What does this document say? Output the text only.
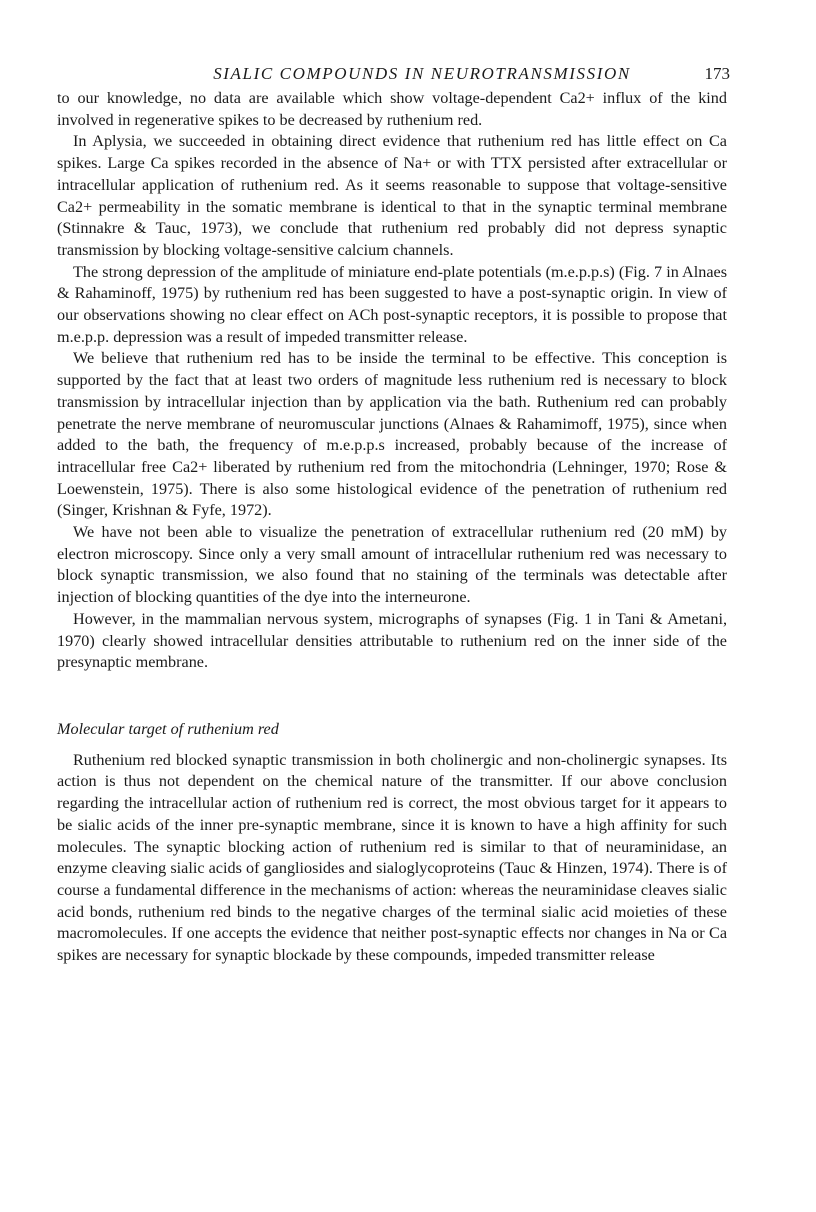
SIALIC COMPOUNDS IN NEUROTRANSMISSION	173

to our knowledge, no data are available which show voltage-dependent Ca2+ influx of the kind involved in regenerative spikes to be decreased by ruthenium red.

In Aplysia, we succeeded in obtaining direct evidence that ruthenium red has little effect on Ca spikes. Large Ca spikes recorded in the absence of Na+ or with TTX persisted after extracellular or intracellular application of ruthenium red. As it seems reasonable to suppose that voltage-sensitive Ca2+ permeability in the somatic membrane is identical to that in the synaptic terminal membrane (Stinnakre & Tauc, 1973), we conclude that ruthenium red probably did not depress synaptic transmission by blocking voltage-sensitive calcium channels.

The strong depression of the amplitude of miniature end-plate potentials (m.e.p.p.s) (Fig. 7 in Alnaes & Rahaminoff, 1975) by ruthenium red has been suggested to have a post-synaptic origin. In view of our observations showing no clear effect on ACh post-synaptic receptors, it is possible to propose that m.e.p.p. depression was a result of impeded transmitter release.

We believe that ruthenium red has to be inside the terminal to be effective. This conception is supported by the fact that at least two orders of magnitude less ruthenium red is necessary to block transmission by intracellular injection than by application via the bath. Ruthenium red can probably penetrate the nerve membrane of neuromuscular junctions (Alnaes & Rahamimoff, 1975), since when added to the bath, the frequency of m.e.p.p.s increased, probably because of the increase of intracellular free Ca2+ liberated by ruthenium red from the mitochondria (Lehninger, 1970; Rose & Loewenstein, 1975). There is also some histological evidence of the penetration of ruthenium red (Singer, Krishnan & Fyfe, 1972).

We have not been able to visualize the penetration of extracellular ruthenium red (20 mM) by electron microscopy. Since only a very small amount of intracellular ruthenium red was necessary to block synaptic transmission, we also found that no staining of the terminals was detectable after injection of blocking quantities of the dye into the interneurone.

However, in the mammalian nervous system, micrographs of synapses (Fig. 1 in Tani & Ametani, 1970) clearly showed intracellular densities attributable to ruthenium red on the inner side of the presynaptic membrane.

Molecular target of ruthenium red

Ruthenium red blocked synaptic transmission in both cholinergic and non-cholinergic synapses. Its action is thus not dependent on the chemical nature of the transmitter. If our above conclusion regarding the intracellular action of ruthenium red is correct, the most obvious target for it appears to be sialic acids of the inner pre-synaptic membrane, since it is known to have a high affinity for such molecules. The synaptic blocking action of ruthenium red is similar to that of neuraminidase, an enzyme cleaving sialic acids of gangliosides and sialoglycoproteins (Tauc & Hinzen, 1974). There is of course a fundamental difference in the mechanisms of action: whereas the neuraminidase cleaves sialic acid bonds, ruthenium red binds to the negative charges of the terminal sialic acid moieties of these macromolecules. If one accepts the evidence that neither post-synaptic effects nor changes in Na or Ca spikes are necessary for synaptic blockade by these compounds, impeded transmitter release
